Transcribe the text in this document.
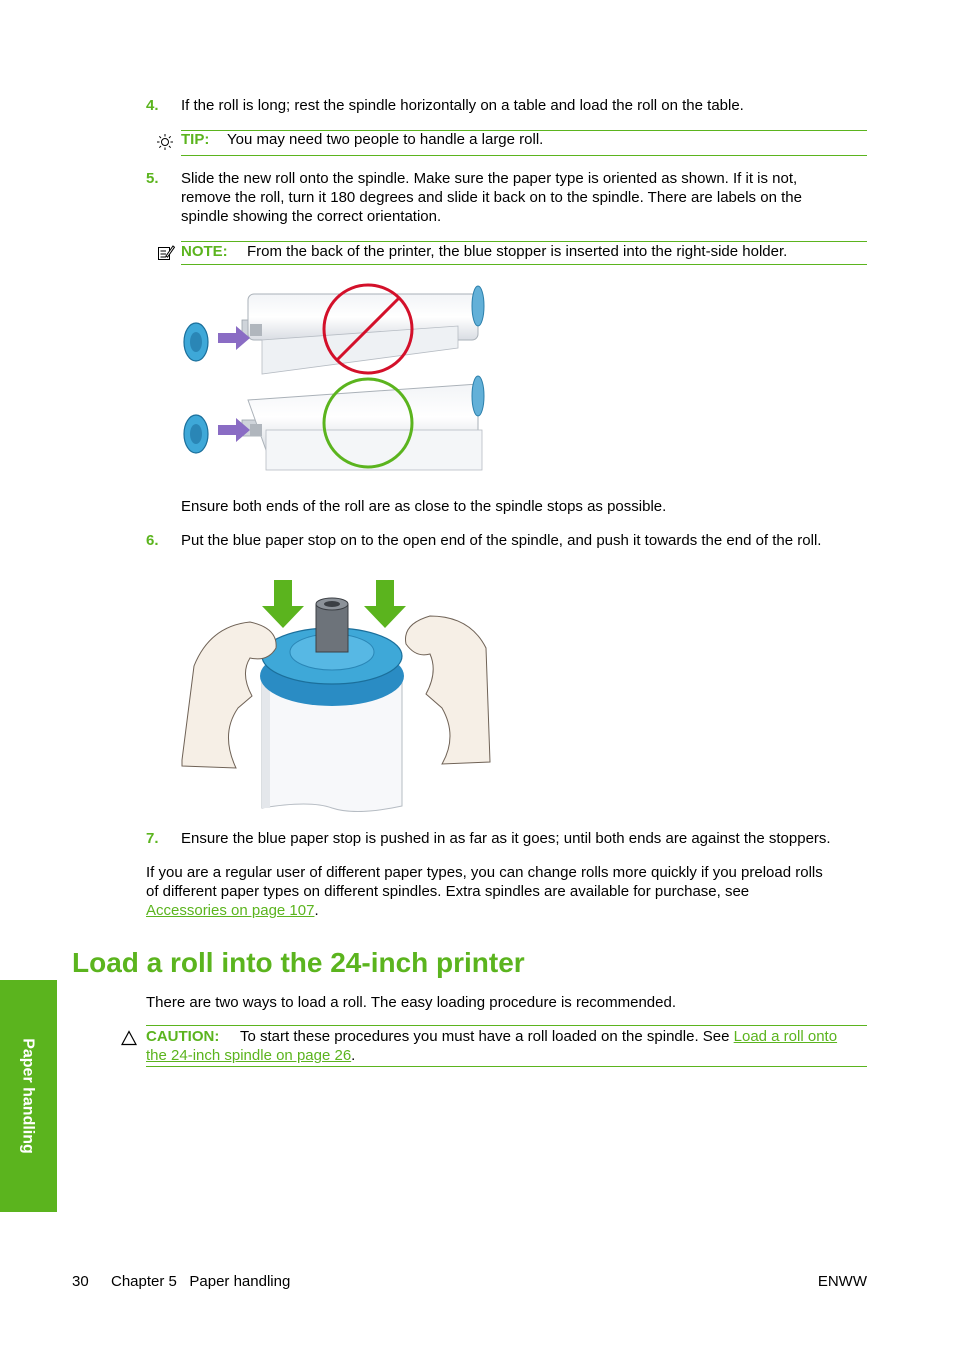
4. If the roll is long; rest the spindle horizontally on a table and load the roll on the table.
TIP: You may need two people to handle a large roll.
5. Slide the new roll onto the spindle. Make sure the paper type is oriented as shown. If it is not,
remove the roll, turn it 180 degrees and slide it back on to the spindle. There are labels on the
spindle showing the correct orientation.
NOTE: From the back of the printer, the blue stopper is inserted into the right-side holder.
Ensure both ends of the roll are as close to the spindle stops as possible.
6. Put the blue paper stop on to the open end of the spindle, and push it towards the end of the roll.
7. Ensure the blue paper stop is pushed in as far as it goes; until both ends are against the stoppers.
If you are a regular user of different paper types, you can change rolls more quickly if you preload rolls
of different paper types on different spindles. Extra spindles are available for purchase, see
Accessories on page 107.
Load a roll into the 24-inch printer
There are two ways to load a roll. The easy loading procedure is recommended.
CAUTION: To start these procedures you must have a roll loaded on the spindle. See Load a roll onto
the 24-inch spindle on page 26.
Paper handling
30 Chapter 5   Paper handling	ENWW
